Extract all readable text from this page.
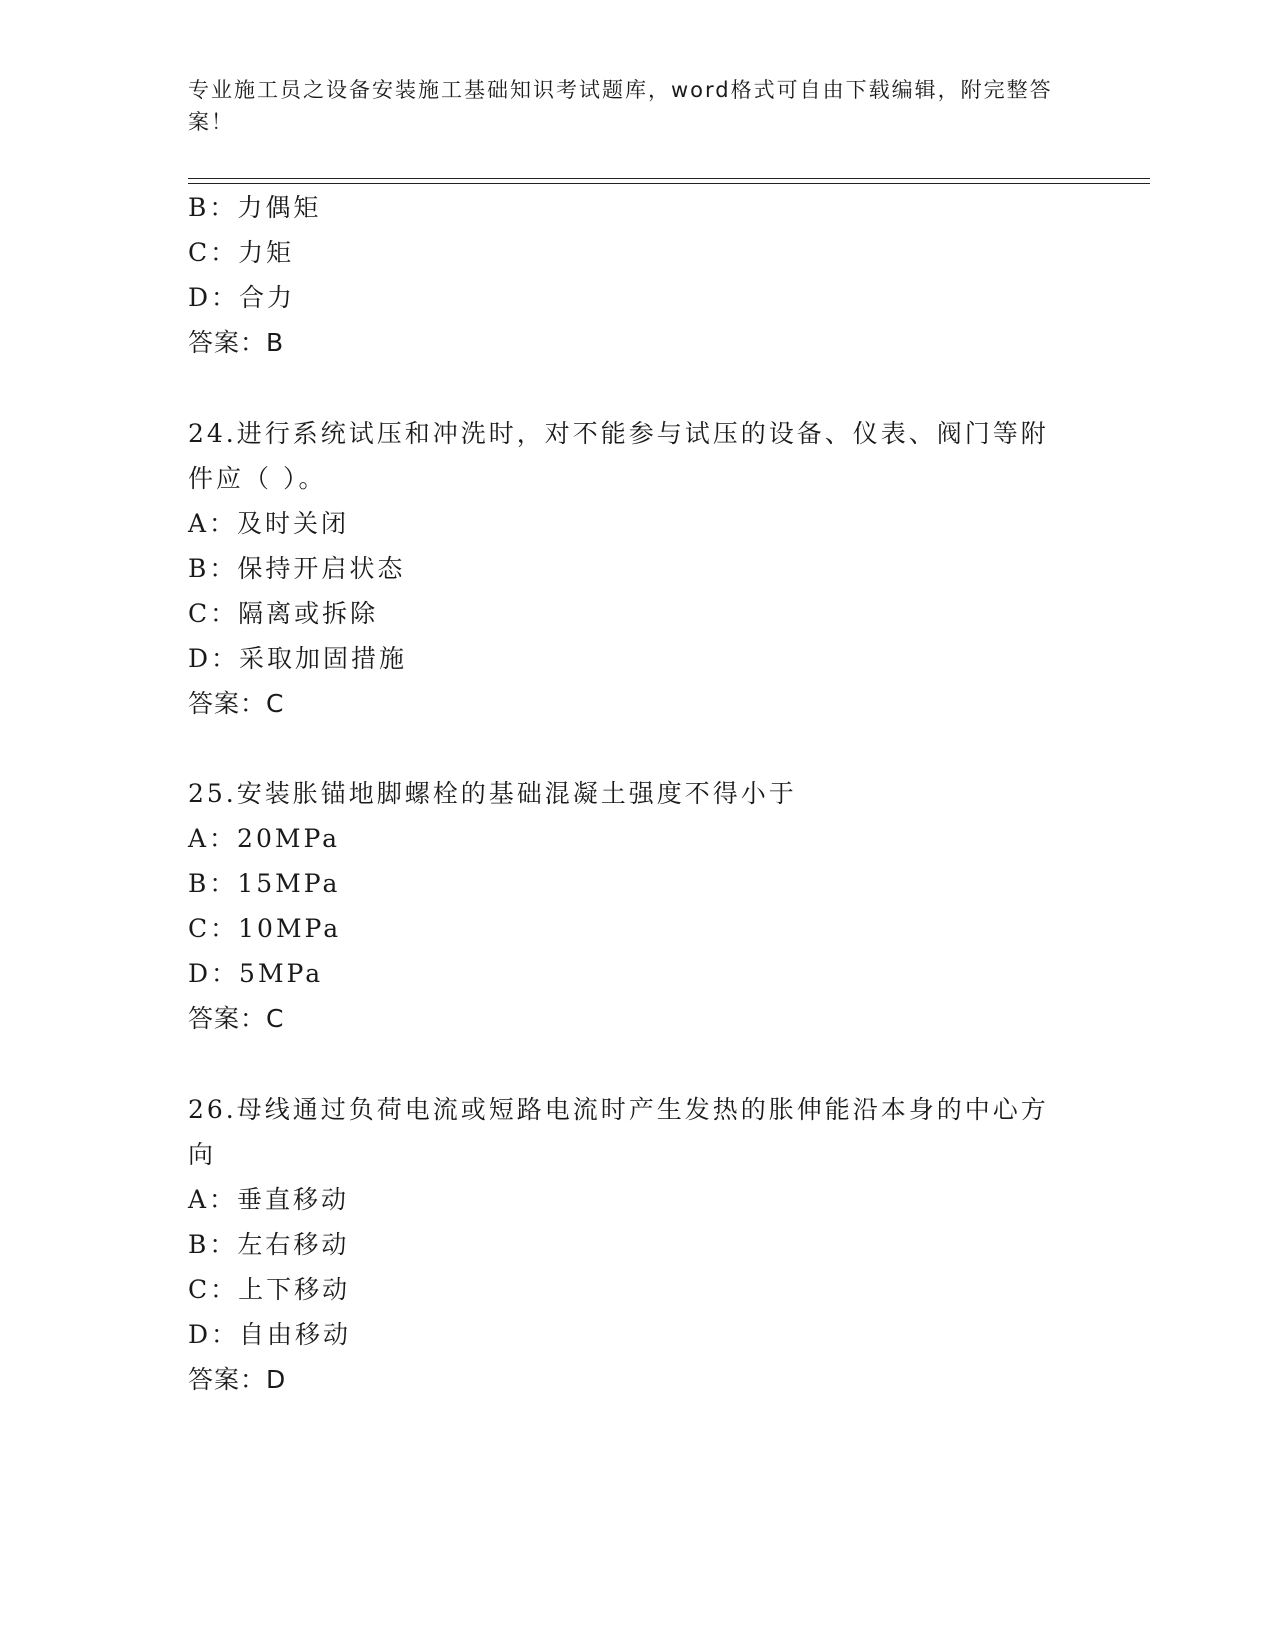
专业施工员之设备安装施工基础知识考试题库，word格式可自由下载编辑，附完整答案！
B：力偶矩
C：力矩
D：合力
答案：B
24.进行系统试压和冲洗时，对不能参与试压的设备、仪表、阀门等附
件应（ ）。
A：及时关闭
B：保持开启状态
C：隔离或拆除
D：采取加固措施
答案：C
25.安装胀锚地脚螺栓的基础混凝土强度不得小于
A：20MPa
B：15MPa
C：10MPa
D：5MPa
答案：C
26.母线通过负荷电流或短路电流时产生发热的胀伸能沿本身的中心方
向
A：垂直移动
B：左右移动
C：上下移动
D：自由移动
答案：D
